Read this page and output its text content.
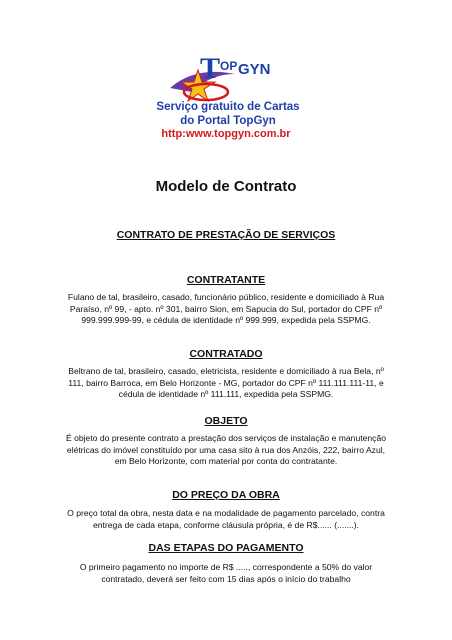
T OP GYN
Serviço gratuito de Cartas
do Portal TopGyn
http:www.topgyn.com.br
Modelo de Contrato
CONTRATO DE PRESTAÇÃO DE SERVIÇOS
CONTRATANTE
Fulano de tal, brasileiro, casado, funcionário público, residente e domiciliado à Rua Paraíso, nº 99, - apto. nº 301, bairro Sion, em Sapucia do Sul, portador do CPF nº 999.999.999-99, e cédula de identidade nº 999.999, expedida pela SSPMG.
CONTRATADO
Beltrano de tal, brasileiro, casado, eletricista, residente e domiciliado à rua Bela, nº 111, bairro Barroca, em Belo Horizonte - MG, portador do CPF nº 111.111.111-11, e cédula de identidade nº 111.111, expedida pela SSPMG.
OBJETO
É objeto do presente contrato a prestação dos serviços de instalação e manutenção elétricas do imóvel constituído por uma casa sito à rua dos Anzóis, 222, bairro Azul, em Belo Horizonte, com material por conta do contratante.
DO PREÇO DA OBRA
O preço total da obra, nesta data e na modalidade de pagamento parcelado, contra entrega de cada etapa, conforme cláusula própria, é de R$...... (.......).
DAS ETAPAS DO PAGAMENTO
O primeiro pagamento no importe de R$ ....., correspondente a 50% do valor contratado, deverá ser feito com 15 dias após o início do trabalho
